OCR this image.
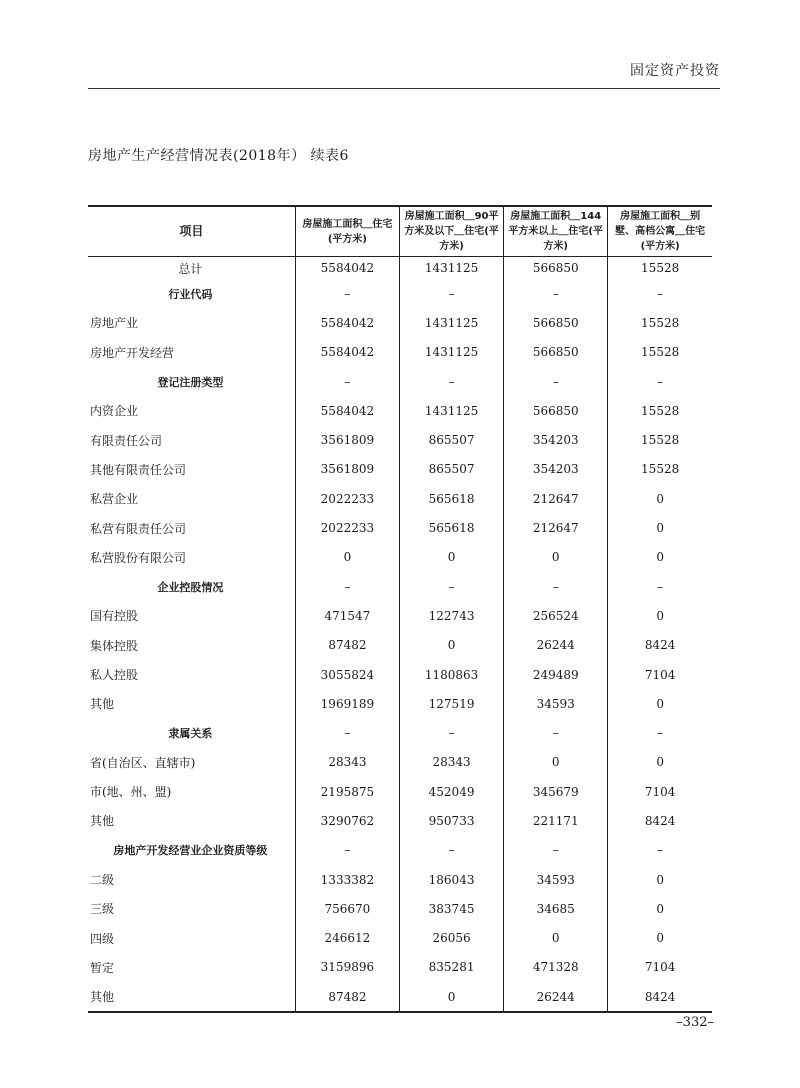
固定资产投资
房地产生产经营情况表(2018年） 续表6
项目	房屋施工面积＿住宅(平方米)	房屋施工面积＿90平方米及以下＿住宅(平方米)	房屋施工面积＿144平方米以上＿住宅(平方米)	房屋施工面积＿别墅、高档公寓＿住宅(平方米)
总计	5584042	1431125	566850	15528
行业代码	–	–	–	–
房地产业	5584042	1431125	566850	15528
房地产开发经营	5584042	1431125	566850	15528
登记注册类型	–	–	–	–
内资企业	5584042	1431125	566850	15528
有限责任公司	3561809	865507	354203	15528
其他有限责任公司	3561809	865507	354203	15528
私营企业	2022233	565618	212647	0
私营有限责任公司	2022233	565618	212647	0
私营股份有限公司	0	0	0	0
企业控股情况	–	–	–	–
国有控股	471547	122743	256524	0
集体控股	87482	0	26244	8424
私人控股	3055824	1180863	249489	7104
其他	1969189	127519	34593	0
隶属关系	–	–	–	–
省(自治区、直辖市)	28343	28343	0	0
市(地、州、盟)	2195875	452049	345679	7104
其他	3290762	950733	221171	8424
房地产开发经营业企业资质等级	–	–	–	–
二级	1333382	186043	34593	0
三级	756670	383745	34685	0
四级	246612	26056	0	0
暂定	3159896	835281	471328	7104
其他	87482	0	26244	8424
–332–
